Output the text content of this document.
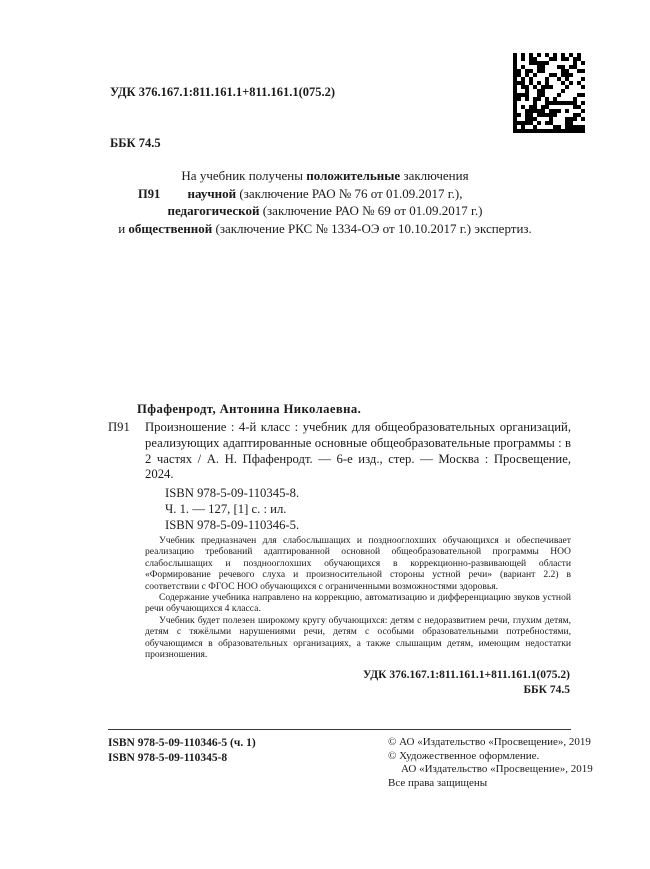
УДК 376.167.1:811.161.1+811.161.1(075.2)

ББК 74.5

П91

На учебник получены положительные заключения
научной (заключение РАО № 76 от 01.09.2017 г.),
педагогической (заключение РАО № 69 от 01.09.2017 г.)
и общественной (заключение РКС № 1334-ОЭ от 10.10.2017 г.) экспертиз.
Пфафенродт, Антонина Николаевна.
П91 Произношение : 4-й класс : учебник для общеобразовательных организаций, реализующих адаптированные основные общеобразовательные программы : в 2 частях / А. Н. Пфафенродт. — 6-е изд., стер. — Москва : Просвещение, 2024.

ISBN 978-5-09-110345-8.
Ч. 1. — 127, [1] с. : ил.
ISBN 978-5-09-110346-5.

Учебник предназначен для слабослышащих и позднооглохших обучающихся и обеспечивает реализацию требований адаптированной основной общеобразовательной программы НОО слабослышащих и позднооглохших обучающихся в коррекционно-развивающей области «Формирование речевого слуха и произносительной стороны устной речи» (вариант 2.2) в соответствии с ФГОС НОО обучающихся с ограниченными возможностями здоровья.

Содержание учебника направлено на коррекцию, автоматизацию и дифференциацию звуков устной речи обучающихся 4 класса.

Учебник будет полезен широкому кругу обучающихся: детям с недоразвитием речи, глухим детям, детям с тяжёлыми нарушениями речи, детям с особыми образовательными потребностями, обучающимся в образовательных организациях, а также слышащим детям, имеющим недостатки произношения.

УДК 376.167.1:811.161.1+811.161.1(075.2)
ББК 74.5
ISBN 978-5-09-110346-5 (ч. 1)
ISBN 978-5-09-110345-8
© АО «Издательство «Просвещение», 2019
© Художественное оформление.
АО «Издательство «Просвещение», 2019
Все права защищены
